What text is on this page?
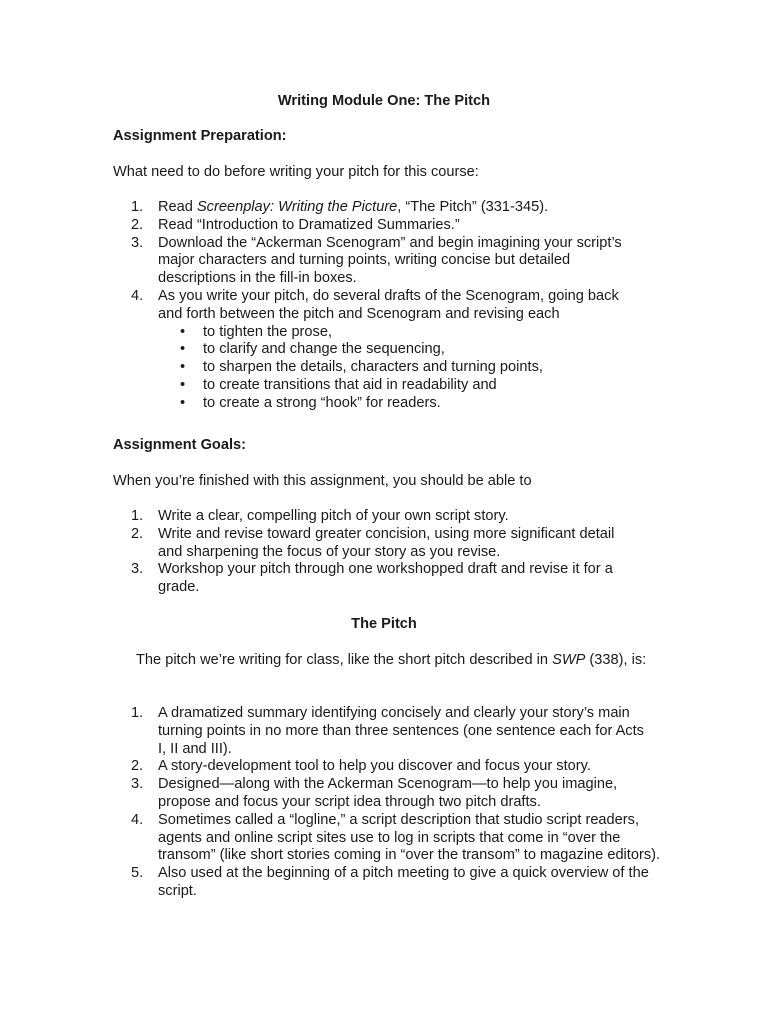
Writing Module One: The Pitch
Assignment Preparation:
What need to do before writing your pitch for this course:
1. Read Screenplay: Writing the Picture, “The Pitch” (331-345).
2. Read “Introduction to Dramatized Summaries.”
3. Download the “Ackerman Scenogram” and begin imagining your script’s major characters and turning points, writing concise but detailed descriptions in the fill-in boxes.
4. As you write your pitch, do several drafts of the Scenogram, going back and forth between the pitch and Scenogram and revising each
• to tighten the prose,
• to clarify and change the sequencing,
• to sharpen the details, characters and turning points,
• to create transitions that aid in readability and
• to create a strong “hook” for readers.
Assignment Goals:
When you’re finished with this assignment, you should be able to
1. Write a clear, compelling pitch of your own script story.
2. Write and revise toward greater concision, using more significant detail and sharpening the focus of your story as you revise.
3. Workshop your pitch through one workshopped draft and revise it for a grade.
The Pitch
The pitch we’re writing for class, like the short pitch described in SWP (338), is:
1. A dramatized summary identifying concisely and clearly your story’s main turning points in no more than three sentences (one sentence each for Acts I, II and III).
2. A story-development tool to help you discover and focus your story.
3. Designed—along with the Ackerman Scenogram—to help you imagine, propose and focus your script idea through two pitch drafts.
4. Sometimes called a “logline,” a script description that studio script readers, agents and online script sites use to log in scripts that come in “over the transom” (like short stories coming in “over the transom” to magazine editors).
5. Also used at the beginning of a pitch meeting to give a quick overview of the script.
